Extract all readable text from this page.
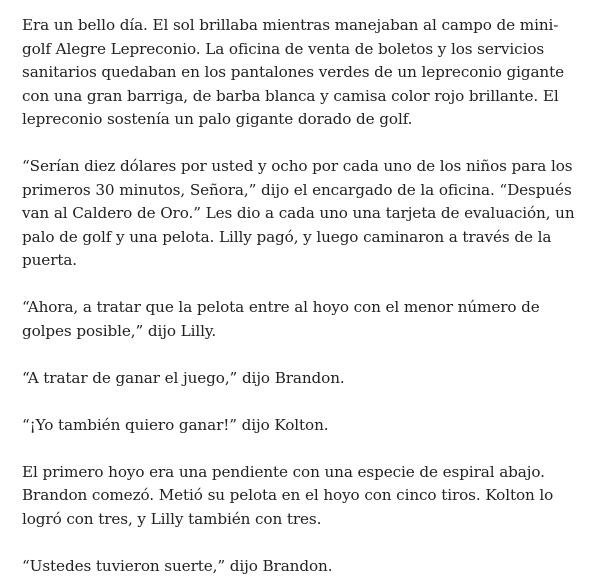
Era un bello día. El sol brillaba mientras manejaban al campo de mini-golf Alegre Lepreconio. La oficina de venta de boletos y los servicios sanitarios quedaban en los pantalones verdes de un lepreconio gigante con una gran barriga, de barba blanca y camisa color rojo brillante. El lepreconio sostenía un palo gigante dorado de golf.

“Serían diez dólares por usted y ocho por cada uno de los niños para los primeros 30 minutos, Señora,” dijo el encargado de la oficina. “Después van al Caldero de Oro.” Les dio a cada uno una tarjeta de evaluación, un palo de golf y una pelota. Lilly pagó, y luego caminaron a través de la puerta.

“Ahora, a tratar que la pelota entre al hoyo con el menor número de golpes posible,” dijo Lilly.

“A tratar de ganar el juego,” dijo Brandon.

“¡Yo también quiero ganar!” dijo Kolton.

El primero hoyo era una pendiente con una especie de espiral abajo. Brandon comezó. Metió su pelota en el hoyo con cinco tiros. Kolton lo logró con tres, y Lilly también con tres.

“Ustedes tuvieron suerte,” dijo Brandon.
